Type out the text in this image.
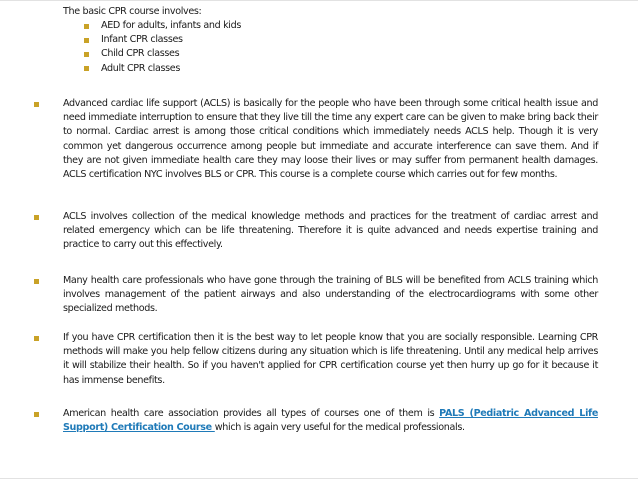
The basic CPR course involves:
AED for adults, infants and kids
Infant CPR classes
Child CPR classes
Adult CPR classes
Advanced cardiac life support (ACLS) is basically for the people who have been through some critical health issue and need immediate interruption to ensure that they live till the time any expert care can be given to make bring back their to normal. Cardiac arrest is among those critical conditions which immediately needs ACLS help. Though it is very common yet dangerous occurrence among people but immediate and accurate interference can save them. And if they are not given immediate health care they may loose their lives or may suffer from permanent health damages. ACLS certification NYC involves BLS or CPR. This course is a complete course which carries out for few months.
ACLS involves collection of the medical knowledge methods and practices for the treatment of cardiac arrest and related emergency which can be life threatening. Therefore it is quite advanced and needs expertise training and practice to carry out this effectively.
Many health care professionals who have gone through the training of BLS will be benefited from ACLS training which involves management of the patient airways and also understanding of the electrocardiograms with some other specialized methods.
If you have CPR certification then it is the best way to let people know that you are socially responsible. Learning CPR methods will make you help fellow citizens during any situation which is life threatening. Until any medical help arrives it will stabilize their health. So if you haven't applied for CPR certification course yet then hurry up go for it because it has immense benefits.
American health care association provides all types of courses one of them is PALS (Pediatric Advanced Life Support) Certification Course which is again very useful for the medical professionals.
